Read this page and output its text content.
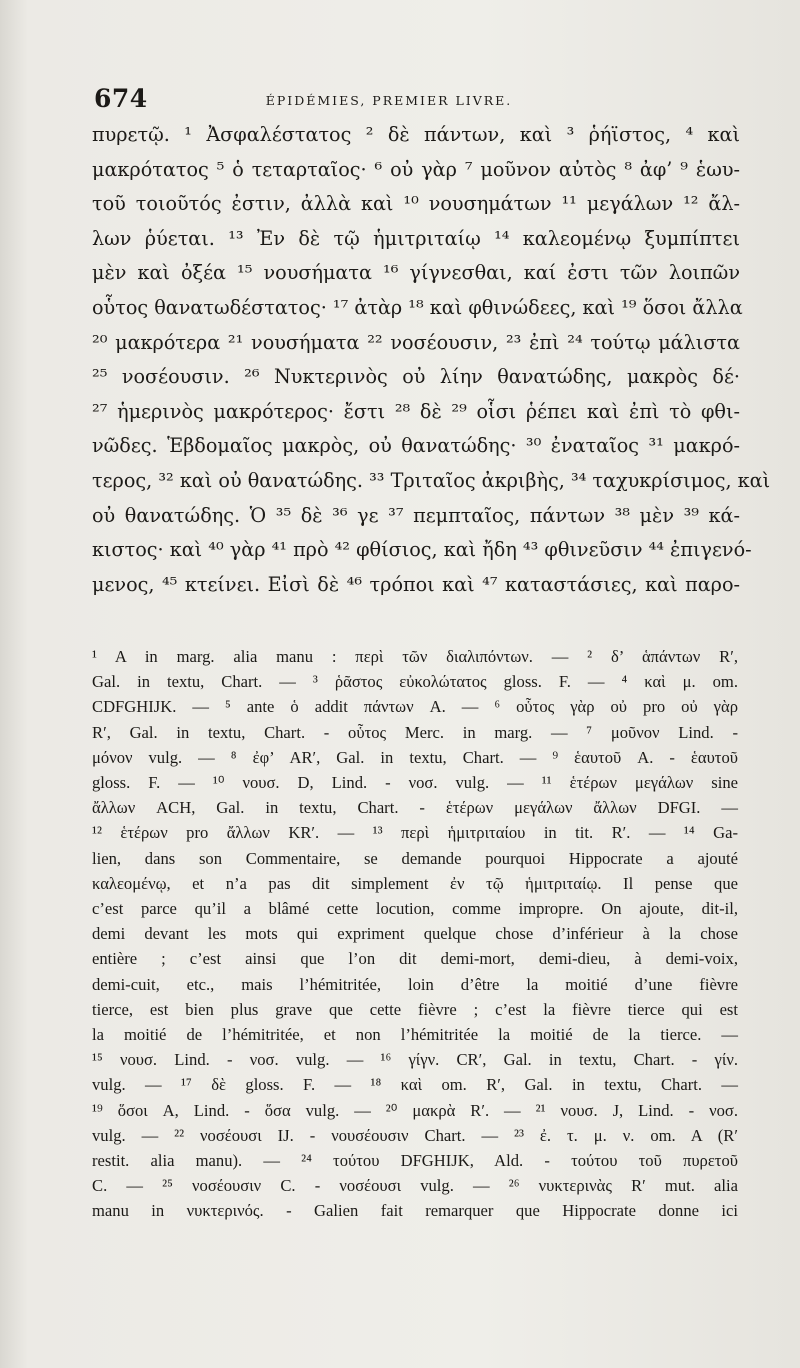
674	ÉPIDÉMIES, PREMIER LIVRE.
πυρετῷ. ¹ Ἀσφαλέστατος ² δὲ πάντων, καὶ ³ ῥήϊστος, ⁴ καὶ
μακρότατος ⁵ ὁ τεταρταῖος· ⁶ οὐ γὰρ ⁷ μοῦνον αὐτὸς ⁸ ἀφ’ ⁹ ἑωυ-
τοῦ τοιοῦτός ἐστιν, ἀλλὰ καὶ ¹⁰ νουσημάτων ¹¹ μεγάλων ¹² ἄλ-
λων ῥύεται. ¹³ Ἐν δὲ τῷ ἡμιτριταίῳ ¹⁴ καλεομένῳ ξυμπίπτει
μὲν καὶ ὀξέα ¹⁵ νουσήματα ¹⁶ γίγνεσθαι, καί ἐστι τῶν λοιπῶν
οὗτος θανατωδέστατος· ¹⁷ ἀτὰρ ¹⁸ καὶ φθινώδεες, καὶ ¹⁹ ὅσοι ἄλλα
²⁰ μακρότερα ²¹ νουσήματα ²² νοσέουσιν, ²³ ἐπὶ ²⁴ τούτῳ μάλιστα
²⁵ νοσέουσιν. ²⁶ Νυκτερινὸς οὐ λίην θανατώδης, μακρὸς δέ·
²⁷ ἡμερινὸς μακρότερος· ἔστι ²⁸ δὲ ²⁹ οἷσι ῥέπει καὶ ἐπὶ τὸ φθι-
νῶδες. Ἑβδομαῖος μακρὸς, οὐ θανατώδης· ³⁰ ἐναταῖος ³¹ μακρό-
τερος, ³² καὶ οὐ θανατώδης. ³³ Τριταῖος ἀκριβὴς, ³⁴ ταχυκρίσιμος, καὶ
οὐ θανατώδης. Ὁ ³⁵ δὲ ³⁶ γε ³⁷ πεμπταῖος, πάντων ³⁸ μὲν ³⁹ κά-
κιστος· καὶ ⁴⁰ γὰρ ⁴¹ πρὸ ⁴² φθίσιος, καὶ ἤδη ⁴³ φθινεῦσιν ⁴⁴ ἐπιγενό-
μενος, ⁴⁵ κτείνει. Εἰσὶ δὲ ⁴⁶ τρόποι καὶ ⁴⁷ καταστάσιες, καὶ παρο-
¹ A in marg. alia manu : περὶ τῶν διαλιπόντων. — ² δ’ ἁπάντων R′,
Gal. in textu, Chart. — ³ ῥᾶστος εὐκολώτατος gloss. F. — ⁴ καὶ μ. om.
CDFGHIJK. — ⁵ ante ὁ addit πάντων A. — ⁶ οὗτος γὰρ οὐ pro οὐ γὰρ
R′, Gal. in textu, Chart. - οὗτος Merc. in marg. — ⁷ μοῦνον Lind. -
μόνον vulg. — ⁸ ἐφ’ AR′, Gal. in textu, Chart. — ⁹ ἑαυτοῦ A. - ἑαυτοῦ
gloss. F. — ¹⁰ νουσ. D, Lind. - νοσ. vulg. — ¹¹ ἑτέρων μεγάλων sine
ἄλλων ACH, Gal. in textu, Chart. - ἑτέρων μεγάλων ἄλλων DFGI. —
¹² ἑτέρων pro ἄλλων KR′. — ¹³ περὶ ἡμιτριταίου in tit. R′. — ¹⁴ Ga-
lien, dans son Commentaire, se demande pourquoi Hippocrate a ajouté
καλεομένῳ, et n’a pas dit simplement ἐν τῷ ἡμιτριταίῳ. Il pense que
c’est parce qu’il a blâmé cette locution, comme impropre. On ajoute, dit-il,
demi devant les mots qui expriment quelque chose d’inférieur à la chose
entière ; c’est ainsi que l’on dit demi-mort, demi-dieu, à demi-voix,
demi-cuit, etc., mais l’hémitritée, loin d’être la moitié d’une fièvre
tierce, est bien plus grave que cette fièvre ; c’est la fièvre tierce qui est
la moitié de l’hémitritée, et non l’hémitritée la moitié de la tierce. —
¹⁵ νουσ. Lind. - νοσ. vulg. — ¹⁶ γίγν. CR′, Gal. in textu, Chart. - γίν.
vulg. — ¹⁷ δὲ gloss. F. — ¹⁸ καὶ om. R′, Gal. in textu, Chart. —
¹⁹ ὅσοι A, Lind. - ὅσα vulg. — ²⁰ μακρὰ R′. — ²¹ νουσ. J, Lind. - νοσ.
vulg. — ²² νοσέουσι IJ. - νουσέουσιν Chart. — ²³ ἐ. τ. μ. ν. om. A (R′
restit. alia manu). — ²⁴ τούτου DFGHIJK, Ald. - τούτου τοῦ πυρετοῦ
C. — ²⁵ νοσέουσιν C. - νοσέουσι vulg. — ²⁶ νυκτερινὰς R′ mut. alia
manu in νυκτερινός. - Galien fait remarquer que Hippocrate donne ici
